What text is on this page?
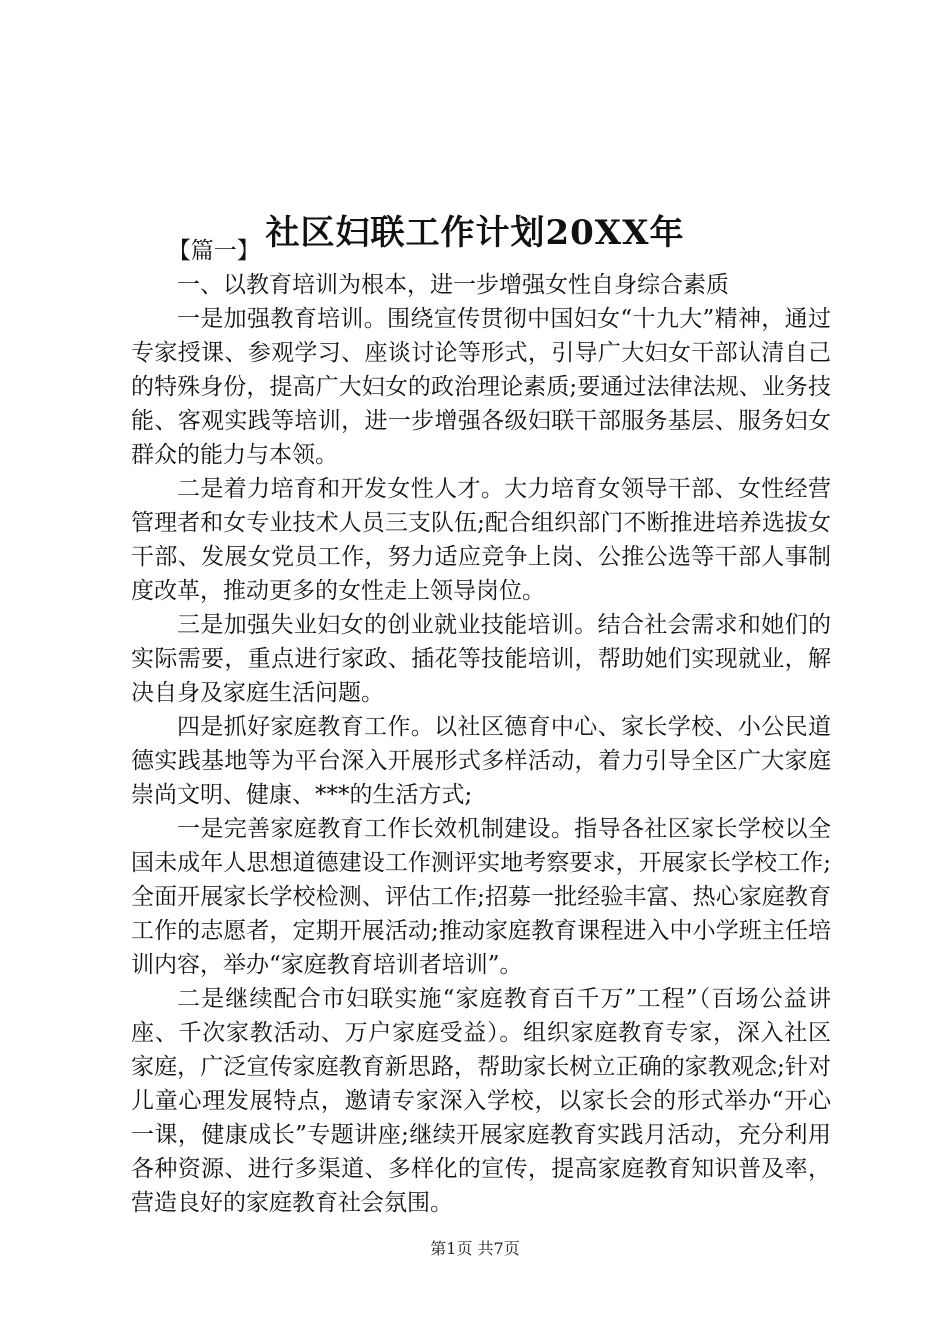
社区妇联工作计划20XX年

【篇一】

一、以教育培训为根本，进一步增强女性自身综合素质

一是加强教育培训。围绕宣传贯彻中国妇女“十九大”精神，通过专家授课、参观学习、座谈讨论等形式，引导广大妇女干部认清自己的特殊身份，提高广大妇女的政治理论素质;要通过法律法规、业务技能、客观实践等培训，进一步增强各级妇联干部服务基层、服务妇女群众的能力与本领。

二是着力培育和开发女性人才。大力培育女领导干部、女性经营管理者和女专业技术人员三支队伍;配合组织部门不断推进培养选拔女干部、发展女党员工作，努力适应竞争上岗、公推公选等干部人事制度改革，推动更多的女性走上领导岗位。

三是加强失业妇女的创业就业技能培训。结合社会需求和她们的实际需要，重点进行家政、插花等技能培训，帮助她们实现就业，解决自身及家庭生活问题。

四是抓好家庭教育工作。以社区德育中心、家长学校、小公民道德实践基地等为平台深入开展形式多样活动，着力引导全区广大家庭崇尚文明、健康、***的生活方式;

一是完善家庭教育工作长效机制建设。指导各社区家长学校以全国未成年人思想道德建设工作测评实地考察要求，开展家长学校工作;全面开展家长学校检测、评估工作;招募一批经验丰富、热心家庭教育工作的志愿者，定期开展活动;推动家庭教育课程进入中小学班主任培训内容，举办“家庭教育培训者培训”。

二是继续配合市妇联实施“家庭教育百千万”工程”（百场公益讲座、千次家教活动、万户家庭受益）。组织家庭教育专家，深入社区家庭，广泛宣传家庭教育新思路，帮助家长树立正确的家教观念;针对儿童心理发展特点，邀请专家深入学校，以家长会的形式举办“开心一课，健康成长”专题讲座;继续开展家庭教育实践月活动，充分利用各种资源、进行多渠道、多样化的宣传，提高家庭教育知识普及率，营造良好的家庭教育社会氛围。

第1页 共7页
